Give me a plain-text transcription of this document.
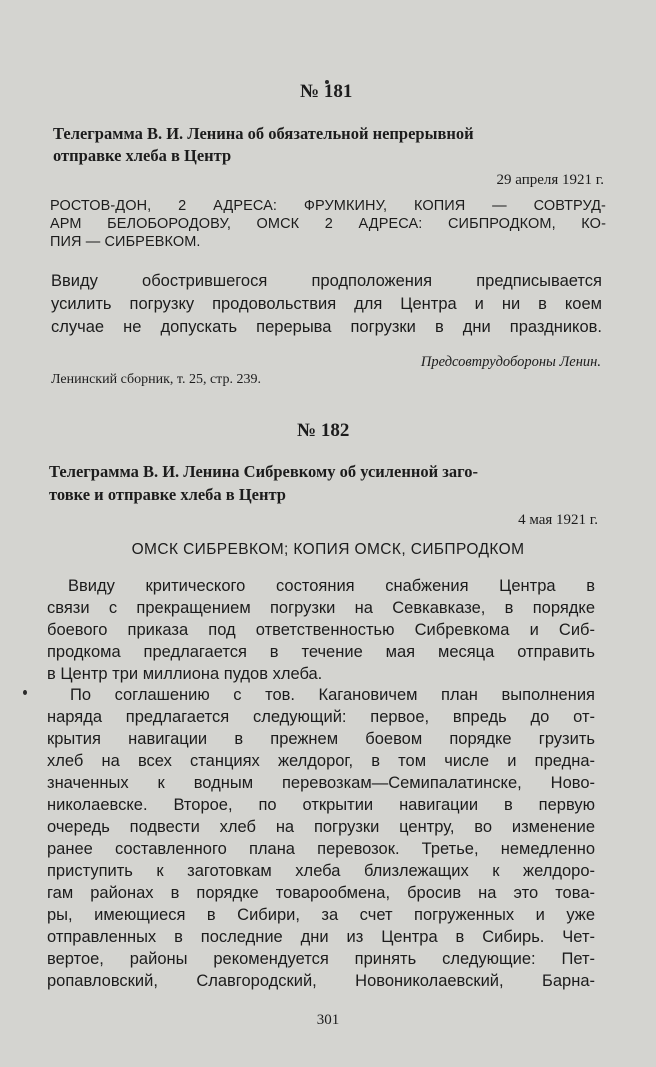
№ 181
Телеграмма В. И. Ленина об обязательной непрерывной
отправке хлеба в Центр
29 апреля 1921 г.
РОСТОВ-ДОН, 2 АДРЕСА: ФРУМКИНУ, КОПИЯ — СОВТРУД-
АРМ БЕЛОБОРОДОВУ, ОМСК 2 АДРЕСА: СИБПРОДКОМ, КО-
ПИЯ — СИБРЕВКОМ.
Ввиду обострившегося продположения предписывается
усилить погрузку продовольствия для Центра и ни в коем
случае не допускать перерыва погрузки в дни праздников.
Предсовтрудобороны Ленин.
Ленинский сборник, т. 25, стр. 239.
№ 182
Телеграмма В. И. Ленина Сибревкому об усиленной заго-
товке и отправке хлеба в Центр
4 мая 1921 г.
ОМСК СИБРЕВКОМ; КОПИЯ ОМСК, СИБПРОДКОМ
Ввиду критического состояния снабжения Центра в
связи с прекращением погрузки на Севкавказе, в порядке
боевого приказа под ответственностью Сибревкома и Сиб-
продкома предлагается в течение мая месяца отправить
в Центр три миллиона пудов хлеба.
По соглашению с тов. Кагановичем план выполнения
наряда предлагается следующий: первое, впредь до от-
крытия навигации в прежнем боевом порядке грузить
хлеб на всех станциях желдорог, в том числе и предна-
значенных к водным перевозкам—Семипалатинске, Ново-
николаевске. Второе, по открытии навигации в первую
очередь подвести хлеб на погрузки центру, во изменение
ранее составленного плана перевозок. Третье, немедленно
приступить к заготовкам хлеба близлежащих к желдоро-
гам районах в порядке товарообмена, бросив на это това-
ры, имеющиеся в Сибири, за счет погруженных и уже
отправленных в последние дни из Центра в Сибирь. Чет-
вертое, районы рекомендуется принять следующие: Пет-
ропавловский, Славгородский, Новониколаевский, Барна-
301
